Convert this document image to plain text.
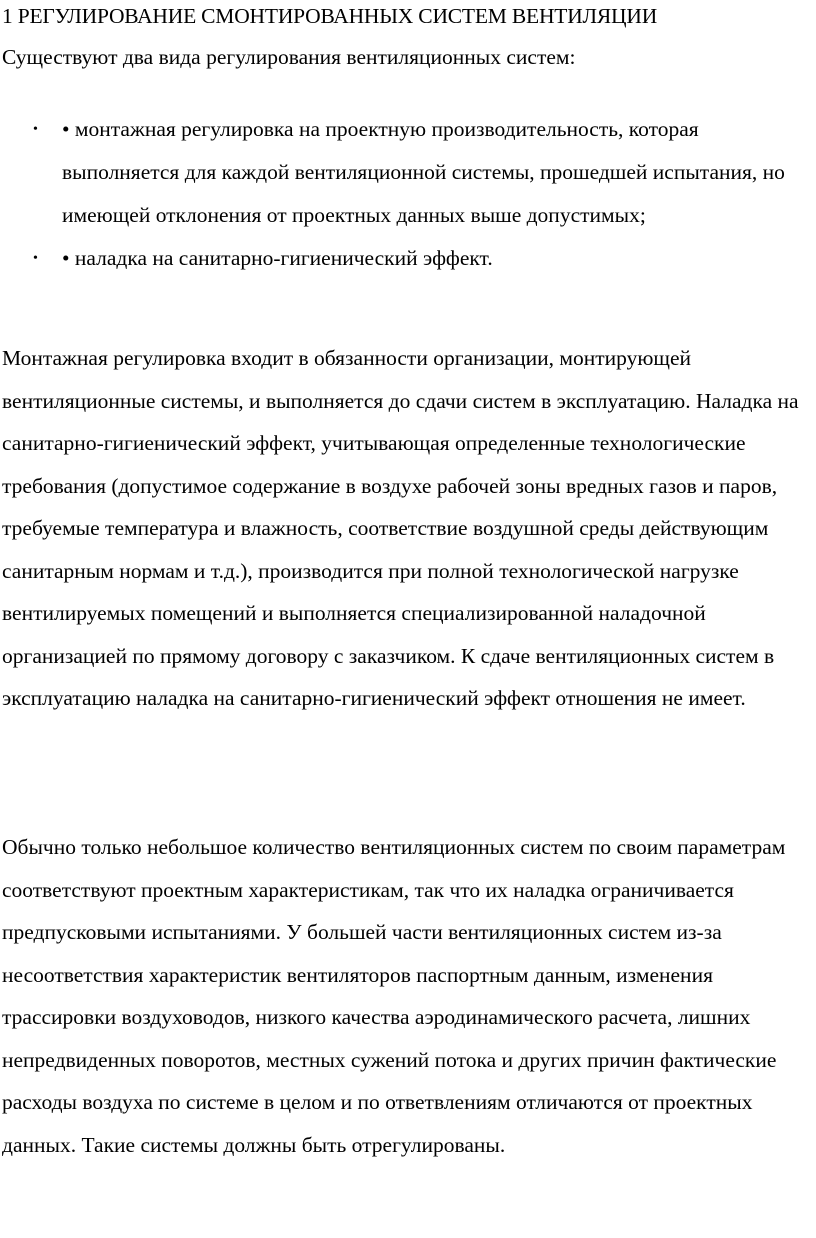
1 РЕГУЛИРОВАНИЕ СМОНТИРОВАННЫХ СИСТЕМ ВЕНТИЛЯЦИИ
Существуют два вида регулирования вентиляционных систем:
• • монтажная регулировка на проектную производительность, которая выполняется для каждой вентиляционной системы, прошедшей испытания, но имеющей отклонения от проектных данных выше допустимых;
• • наладка на санитарно-гигиенический эффект.

Монтажная регулировка входит в обязанности организации, монтирующей вентиляционные системы, и выполняется до сдачи систем в эксплуатацию. Наладка на санитарно-гигиенический эффект, учитывающая определенные технологические требования (допустимое содержание в воздухе рабочей зоны вредных газов и паров, требуемые температура и влажность, соответствие воздушной среды действующим санитарным нормам и т.д.), производится при полной технологической нагрузке вентилируемых помещений и выполняется специализированной наладочной организацией по прямому договору с заказчиком. К сдаче вентиляционных систем в эксплуатацию наладка на санитарно-гигиенический эффект отношения не имеет.

Обычно только небольшое количество вентиляционных систем по своим параметрам соответствуют проектным характеристикам, так что их наладка ограничивается предпусковыми испытаниями. У большей части вентиляционных систем из-за несоответствия характеристик вентиляторов паспортным данным, изменения трассировки воздуховодов, низкого качества аэродинамического расчета, лишних непредвиденных поворотов, местных сужений потока и других причин фактические расходы воздуха по системе в целом и по ответвлениям отличаются от проектных данных. Такие системы должны быть отрегулированы.
